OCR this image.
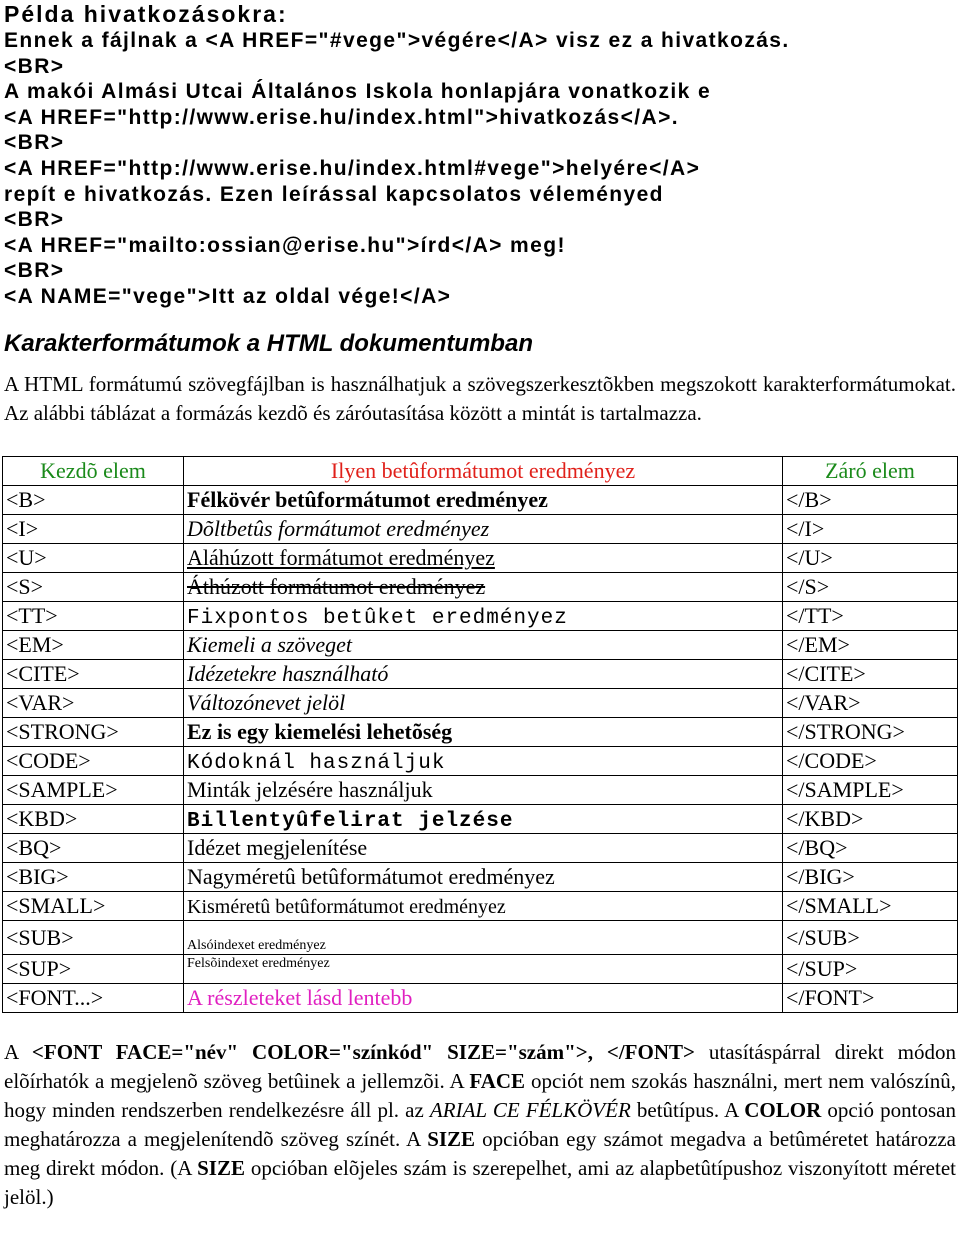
Példa hivatkozásokra:
Ennek a fájlnak a <A HREF="#vege">végére</A> visz ez a hivatkozás.
<BR>
A makói Almási Utcai Általános Iskola honlapjára vonatkozik e
<A HREF="http://www.erise.hu/index.html">hivatkozás</A>.
<BR>
<A HREF="http://www.erise.hu/index.html#vege">helyére</A>
repít e hivatkozás. Ezen leírással kapcsolatos véleményed
<BR>
<A HREF="mailto:ossian@erise.hu">írd</A> meg!
<BR>
<A NAME="vege">Itt az oldal vége!</A>
Karakterformátumok a HTML dokumentumban
A HTML formátumú szövegfájlban is használhatjuk a szövegszerkesztõkben megszokott karakterformátumokat. Az alábbi táblázat a formázás kezdõ és záróutasítása között a mintát is tartalmazza.
Kezdõ elem	Ilyen betûformátumot eredményez	Záró elem
<B>	Félkövér betûformátumot eredményez	</B>
<I>	Dõltbetûs formátumot eredményez	</I>
<U>	Aláhúzott formátumot eredményez	</U>
<S>	Áthúzott formátumot eredményez	</S>
<TT>	Fixpontos betûket eredményez	</TT>
<EM>	Kiemeli a szöveget	</EM>
<CITE>	Idézetekre használható	</CITE>
<VAR>	Változónevet jelöl	</VAR>
<STRONG>	Ez is egy kiemelési lehetõség	</STRONG>
<CODE>	Kódoknál használjuk	</CODE>
<SAMPLE>	Minták jelzésére használjuk	</SAMPLE>
<KBD>	Billentyûfelirat jelzése	</KBD>
<BQ>	Idézet megjelenítése	</BQ>
<BIG>	Nagyméretû betûformátumot eredményez	</BIG>
<SMALL>	Kisméretû betûformátumot eredményez	</SMALL>
<SUB>	$_{Alsóindexet eredményez}$	</SUB>
<SUP>	$^{Felsõindexet eredményez}$	</SUP>
<FONT...>	A részleteket lásd lentebb	</FONT>
A <FONT FACE="név" COLOR="színkód" SIZE="szám">, </FONT> utasításpárral direkt módon elõírhatók a megjelenõ szöveg betûinek a jellemzõi. A FACE opciót nem szokás használni, mert nem valószínû, hogy minden rendszerben rendelkezésre áll pl. az ARIAL CE FÉLKÖVÉR betûtípus. A COLOR opció pontosan meghatározza a megjelenítendõ szöveg színét. A SIZE opcióban egy számot megadva a betûméretet határozza meg direkt módon. (A SIZE opcióban elõjeles szám is szerepelhet, ami az alapbetûtípushoz viszonyított méretet jelöl.)
